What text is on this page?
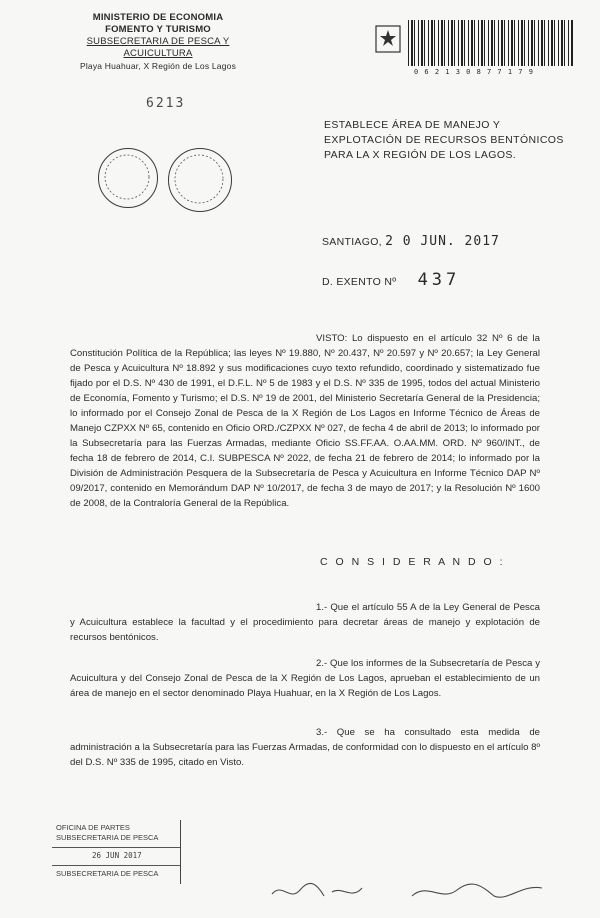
MINISTERIO DE ECONOMIA
FOMENTO Y TURISMO
SUBSECRETARIA DE PESCA Y ACUICULTURA
Playa Huahuar, X Región de Los Lagos
6213
0 6 2 1 3 0 8 7 7 1 7 9
ESTABLECE ÁREA DE MANEJO Y EXPLOTACIÓN DE RECURSOS BENTÓNICOS PARA LA X REGIÓN DE LOS LAGOS.
SANTIAGO, 2 0 JUN. 2017
D. EXENTO Nº 437
VISTO: Lo dispuesto en el artículo 32 Nº 6 de la Constitución Política de la República; las leyes Nº 19.880, Nº 20.437, Nº 20.597 y Nº 20.657; la Ley General de Pesca y Acuicultura Nº 18.892 y sus modificaciones cuyo texto refundido, coordinado y sistematizado fue fijado por el D.S. Nº 430 de 1991, el D.F.L. Nº 5 de 1983 y el D.S. Nº 335 de 1995, todos del actual Ministerio de Economía, Fomento y Turismo; el D.S. Nº 19 de 2001, del Ministerio Secretaría General de la Presidencia; lo informado por el Consejo Zonal de Pesca de la X Región de Los Lagos en Informe Técnico de Áreas de Manejo CZPXX Nº 65, contenido en Oficio ORD./CZPXX Nº 027, de fecha 4 de abril de 2013; lo informado por la Subsecretaría para las Fuerzas Armadas, mediante Oficio SS.FF.AA. O.AA.MM. ORD. Nº 960/INT., de fecha 18 de febrero de 2014, C.I. SUBPESCA Nº 2022, de fecha 21 de febrero de 2014; lo informado por la División de Administración Pesquera de la Subsecretaría de Pesca y Acuicultura en Informe Técnico DAP Nº 09/2017, contenido en Memorándum DAP Nº 10/2017, de fecha 3 de mayo de 2017; y la Resolución Nº 1600 de 2008, de la Contraloría General de la República.
C O N S I D E R A N D O :
1.- Que el artículo 55 A de la Ley General de Pesca y Acuicultura establece la facultad y el procedimiento para decretar áreas de manejo y explotación de recursos bentónicos.
2.- Que los informes de la Subsecretaría de Pesca y Acuicultura y del Consejo Zonal de Pesca de la X Región de Los Lagos, aprueban el establecimiento de un área de manejo en el sector denominado Playa Huahuar, en la X Región de Los Lagos.
3.- Que se ha consultado esta medida de administración a la Subsecretaría para las Fuerzas Armadas, de conformidad con lo dispuesto en el artículo 8º del D.S. Nº 335 de 1995, citado en Visto.
OFICINA DE PARTES
SUBSECRETARIA DE PESCA
26 JUN 2017
SUBSECRETARIA DE PESCA
